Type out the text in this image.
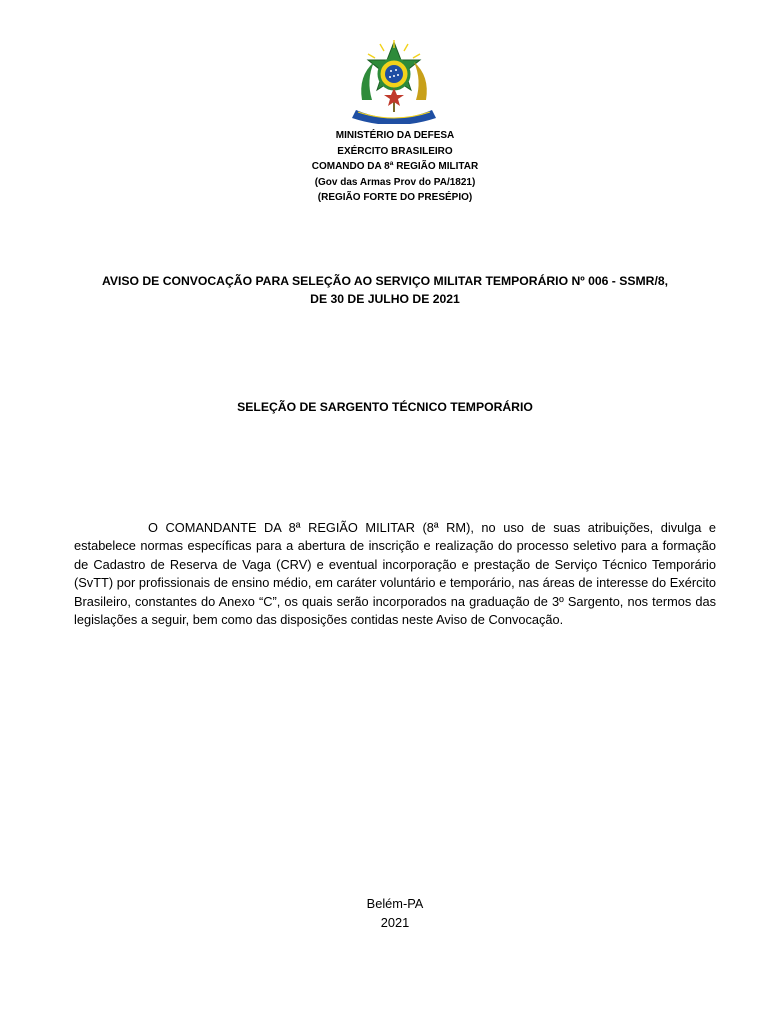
MINISTÉRIO DA DEFESA
EXÉRCITO BRASILEIRO
COMANDO DA 8ª REGIÃO MILITAR
(Gov das Armas Prov do PA/1821)
(REGIÃO FORTE DO PRESÉPIO)
AVISO DE CONVOCAÇÃO PARA SELEÇÃO AO SERVIÇO MILITAR TEMPORÁRIO Nº 006 - SSMR/8,
DE 30 DE JULHO DE 2021
SELEÇÃO DE SARGENTO TÉCNICO TEMPORÁRIO
O COMANDANTE DA 8ª REGIÃO MILITAR (8ª RM), no uso de suas atribuições, divulga e estabelece normas específicas para a abertura de inscrição e realização do processo seletivo para a formação de Cadastro de Reserva de Vaga (CRV) e eventual incorporação e prestação de Serviço Técnico Temporário (SvTT) por profissionais de ensino médio, em caráter voluntário e temporário, nas áreas de interesse do Exército Brasileiro, constantes do Anexo “C”, os quais serão incorporados na graduação de 3º Sargento, nos termos das legislações a seguir, bem como das disposições contidas neste Aviso de Convocação.
Belém-PA
2021
